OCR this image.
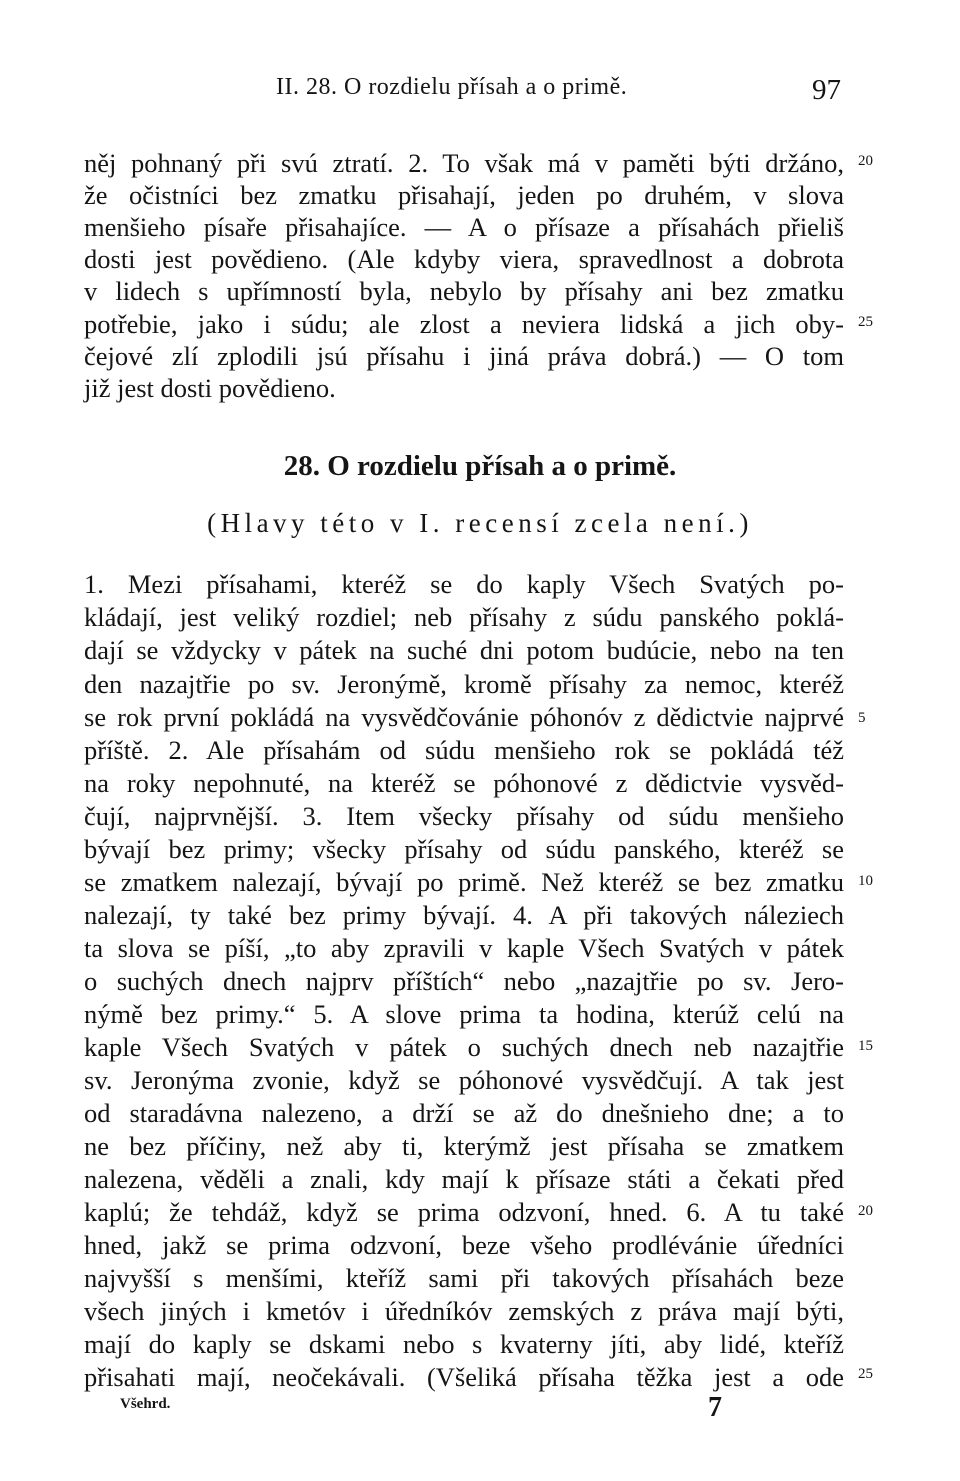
II. 28. O rozdielu přísah a o primě.	97
něj pohnaný při svú ztratí. 2. To však má v paměti býti držáno,
že očistníci bez zmatku přisahají, jeden po druhém, v slova
menšieho písaře přisahajíce. — A o přísaze a přísahách přieliš
dosti jest povědieno. (Ale kdyby viera, spravedlnost a dobrota
v lidech s upřímností byla, nebylo by přísahy ani bez zmatku
potřebie, jako i súdu; ale zlost a neviera lidská a jich oby-
čejové zlí zplodili jsú přísahu i jiná práva dobrá.) — O tom
již jest dosti povědieno.
28. O rozdielu přísah a o primě.
(Hlavy této v I. recensí zcela není.)
1. Mezi přísahami, kteréž se do kaply Všech Svatých po-
kládají, jest veliký rozdiel; neb přísahy z súdu panského poklá-
dají se vždycky v pátek na suché dni potom budúcie, nebo na ten
den nazajtřie po sv. Jeronýmě, kromě přísahy za nemoc, kteréž
se rok první pokládá na vysvědčovánie póhonóv z dědictvie najprvé
příště. 2. Ale přísahám od súdu menšieho rok se pokládá též
na roky nepohnuté, na kteréž se póhonové z dědictvie vysvěd-
čují, najprvnější. 3. Item všecky přísahy od súdu menšieho
bývají bez primy; všecky přísahy od súdu panského, kteréž se
se zmatkem nalezají, bývají po primě. Než kteréž se bez zmatku
nalezají, ty také bez primy bývají. 4. A při takových náleziech
ta slova se píší, „to aby zpravili v kaple Všech Svatých v pátek
o suchých dnech najprv příštích“ nebo „nazajtřie po sv. Jero-
nýmě bez primy.“ 5. A slove prima ta hodina, kterúž celú na
kaple Všech Svatých v pátek o suchých dnech neb nazajtřie
sv. Jeronýma zvonie, když se póhonové vysvědčují. A tak jest
od staradávna nalezeno, a drží se až do dnešnieho dne; a to
ne bez příčiny, než aby ti, kterýmž jest přísaha se zmatkem
nalezena, věděli a znali, kdy mají k přísaze státi a čekati před
kaplú; že tehdáž, když se prima odzvoní, hned. 6. A tu také
hned, jakž se prima odzvoní, beze všeho prodlévánie úředníci
najvyšší s menšími, kteříž sami při takových přísahách beze
všech jiných i kmetóv i úředníkóv zemských z práva mají býti,
mají do kaply se dskami nebo s kvaterny jíti, aby lidé, kteříž
přisahati mají, neočekávali. (Všeliká přísaha těžka jest a ode
20
25
5
10
15
20
25
Všehrd.	7
